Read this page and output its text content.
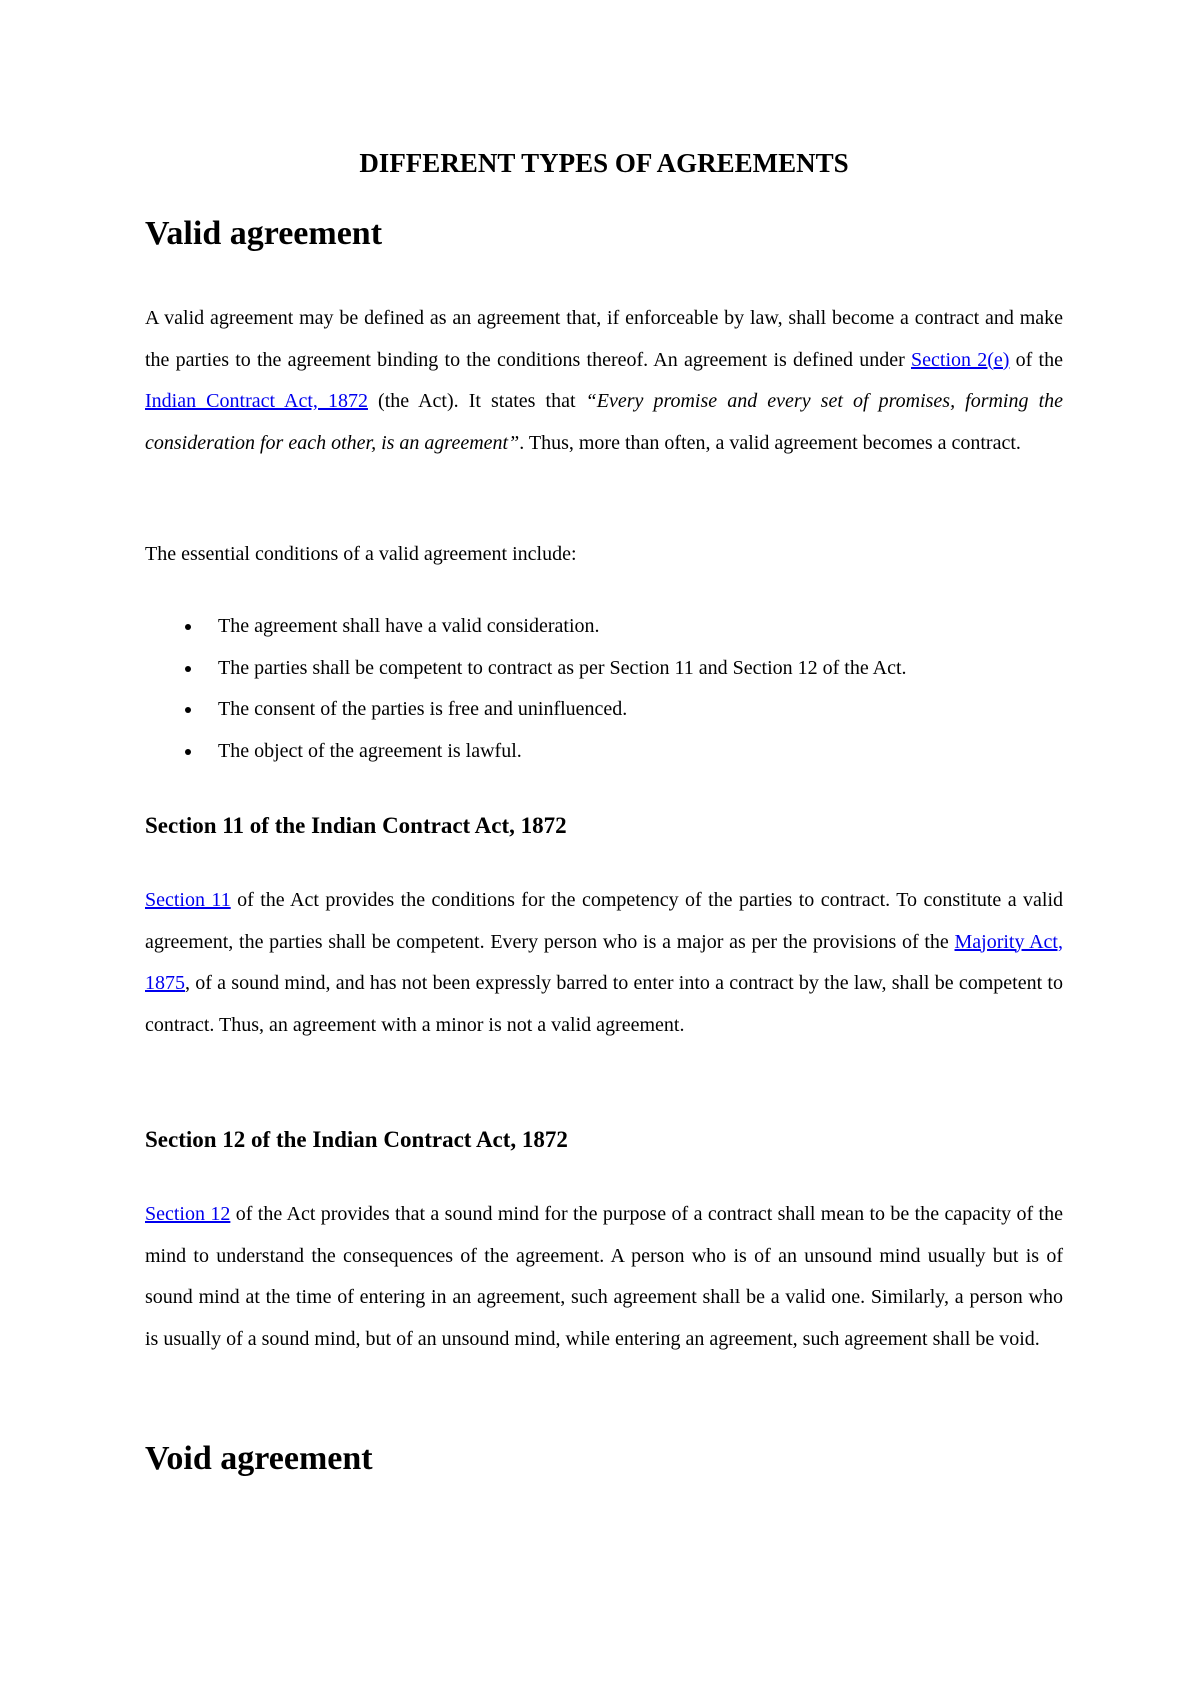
DIFFERENT TYPES OF AGREEMENTS
Valid agreement

A valid agreement may be defined as an agreement that, if enforceable by law, shall become a contract and make the parties to the agreement binding to the conditions thereof. An agreement is defined under Section 2(e) of the Indian Contract Act, 1872 (the Act). It states that “Every promise and every set of promises, forming the consideration for each other, is an agreement”. Thus, more than often, a valid agreement becomes a contract.

The essential conditions of a valid agreement include:

The agreement shall have a valid consideration.
The parties shall be competent to contract as per Section 11 and Section 12 of the Act.
The consent of the parties is free and uninfluenced.
The object of the agreement is lawful.
Section 11 of the Indian Contract Act, 1872

Section 11 of the Act provides the conditions for the competency of the parties to contract. To constitute a valid agreement, the parties shall be competent. Every person who is a major as per the provisions of the Majority Act, 1875, of a sound mind, and has not been expressly barred to enter into a contract by the law, shall be competent to contract. Thus, an agreement with a minor is not a valid agreement.

Section 12 of the Indian Contract Act, 1872

Section 12 of the Act provides that a sound mind for the purpose of a contract shall mean to be the capacity of the mind to understand the consequences of the agreement. A person who is of an unsound mind usually but is of sound mind at the time of entering in an agreement, such agreement shall be a valid one. Similarly, a person who is usually of a sound mind, but of an unsound mind, while entering an agreement, such agreement shall be void.

Void agreement
